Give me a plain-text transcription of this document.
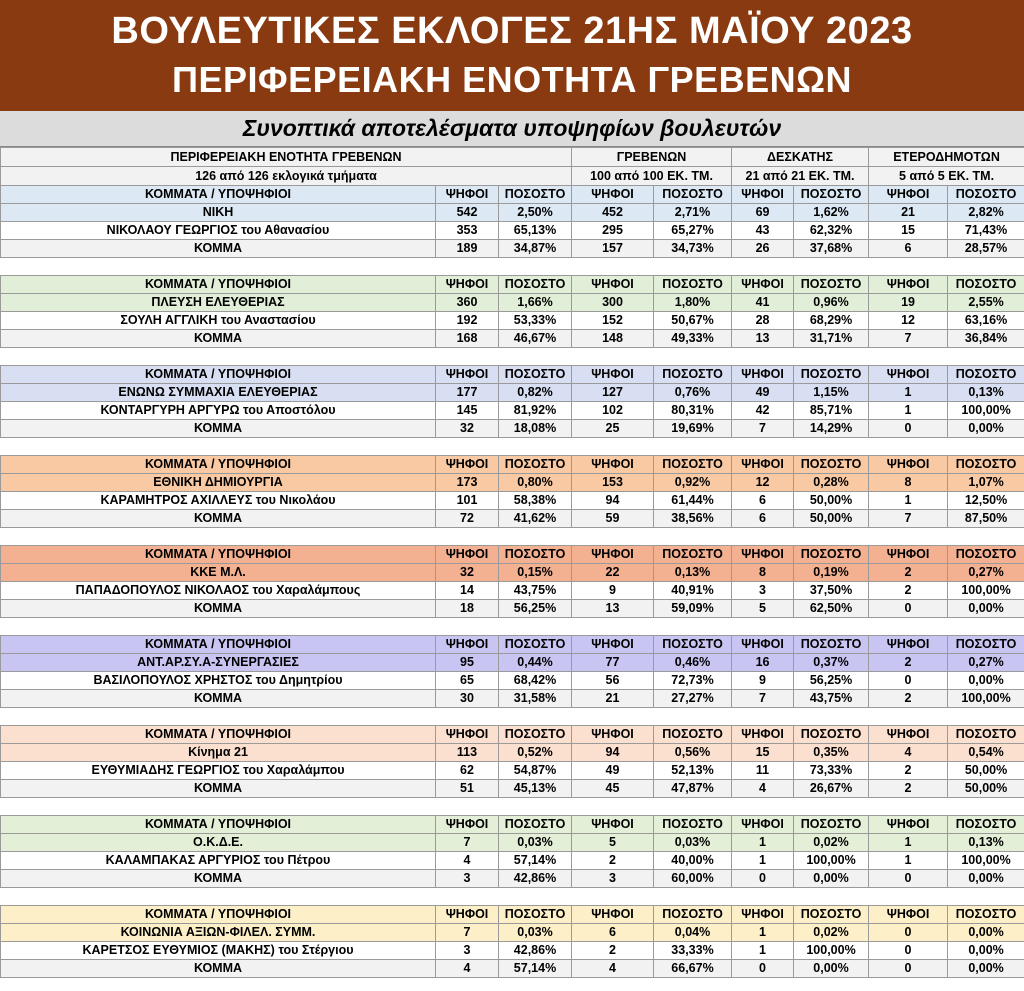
ΒΟΥΛΕΥΤΙΚΕΣ ΕΚΛΟΓΕΣ 21ΗΣ ΜΑΪΟΥ 2023
ΠΕΡΙΦΕΡΕΙΑΚΗ ΕΝΟΤΗΤΑ ΓΡΕΒΕΝΩΝ
Συνοπτικά αποτελέσματα υποψηφίων βουλευτών
ΠΕΡΙΦΕΡΕΙΑΚΗ ΕΝΟΤΗΤΑ ΓΡΕΒΕΝΩΝ			ΓΡΕΒΕΝΩΝ		ΔΕΣΚΑΤΗΣ		ΕΤΕΡΟΔΗΜΟΤΩΝ	
126 από 126 εκλογικά τμήματα			100 από 100 ΕΚ. ΤΜ.		21 από 21 ΕΚ. ΤΜ.		5 από 5 ΕΚ. ΤΜ.	
ΚΟΜΜΑΤΑ / ΥΠΟΨΗΦΙΟΙ	ΨΗΦΟΙ	ΠΟΣΟΣΤΟ	ΨΗΦΟΙ	ΠΟΣΟΣΤΟ	ΨΗΦΟΙ	ΠΟΣΟΣΤΟ	ΨΗΦΟΙ	ΠΟΣΟΣΤΟ
ΝΙΚΗ	542	2,50%	452	2,71%	69	1,62%	21	2,82%
ΝΙΚΟΛΑΟΥ ΓΕΩΡΓΙΟΣ του Αθανασίου	353	65,13%	295	65,27%	43	62,32%	15	71,43%
ΚΟΜΜΑ	189	34,87%	157	34,73%	26	37,68%	6	28,57%

ΚΟΜΜΑΤΑ / ΥΠΟΨΗΦΙΟΙ	ΨΗΦΟΙ	ΠΟΣΟΣΤΟ	ΨΗΦΟΙ	ΠΟΣΟΣΤΟ	ΨΗΦΟΙ	ΠΟΣΟΣΤΟ	ΨΗΦΟΙ	ΠΟΣΟΣΤΟ
ΠΛΕΥΣΗ ΕΛΕΥΘΕΡΙΑΣ	360	1,66%	300	1,80%	41	0,96%	19	2,55%
ΣΟΥΛΗ ΑΓΓΛΙΚΗ του Αναστασίου	192	53,33%	152	50,67%	28	68,29%	12	63,16%
ΚΟΜΜΑ	168	46,67%	148	49,33%	13	31,71%	7	36,84%

ΚΟΜΜΑΤΑ / ΥΠΟΨΗΦΙΟΙ	ΨΗΦΟΙ	ΠΟΣΟΣΤΟ	ΨΗΦΟΙ	ΠΟΣΟΣΤΟ	ΨΗΦΟΙ	ΠΟΣΟΣΤΟ	ΨΗΦΟΙ	ΠΟΣΟΣΤΟ
ΕΝΩΝΩ ΣΥΜΜΑΧΙΑ ΕΛΕΥΘΕΡΙΑΣ	177	0,82%	127	0,76%	49	1,15%	1	0,13%
ΚΟΝΤΑΡΓΥΡΗ ΑΡΓΥΡΩ του Αποστόλου	145	81,92%	102	80,31%	42	85,71%	1	100,00%
ΚΟΜΜΑ	32	18,08%	25	19,69%	7	14,29%	0	0,00%

ΚΟΜΜΑΤΑ / ΥΠΟΨΗΦΙΟΙ	ΨΗΦΟΙ	ΠΟΣΟΣΤΟ	ΨΗΦΟΙ	ΠΟΣΟΣΤΟ	ΨΗΦΟΙ	ΠΟΣΟΣΤΟ	ΨΗΦΟΙ	ΠΟΣΟΣΤΟ
ΕΘΝΙΚΗ ΔΗΜΙΟΥΡΓΙΑ	173	0,80%	153	0,92%	12	0,28%	8	1,07%
ΚΑΡΑΜΗΤΡΟΣ ΑΧΙΛΛΕΥΣ του Νικολάου	101	58,38%	94	61,44%	6	50,00%	1	12,50%
ΚΟΜΜΑ	72	41,62%	59	38,56%	6	50,00%	7	87,50%

ΚΟΜΜΑΤΑ / ΥΠΟΨΗΦΙΟΙ	ΨΗΦΟΙ	ΠΟΣΟΣΤΟ	ΨΗΦΟΙ	ΠΟΣΟΣΤΟ	ΨΗΦΟΙ	ΠΟΣΟΣΤΟ	ΨΗΦΟΙ	ΠΟΣΟΣΤΟ
ΚΚΕ Μ.Λ.	32	0,15%	22	0,13%	8	0,19%	2	0,27%
ΠΑΠΑΔΟΠΟΥΛΟΣ ΝΙΚΟΛΑΟΣ του Χαραλάμπους	14	43,75%	9	40,91%	3	37,50%	2	100,00%
ΚΟΜΜΑ	18	56,25%	13	59,09%	5	62,50%	0	0,00%

ΚΟΜΜΑΤΑ / ΥΠΟΨΗΦΙΟΙ	ΨΗΦΟΙ	ΠΟΣΟΣΤΟ	ΨΗΦΟΙ	ΠΟΣΟΣΤΟ	ΨΗΦΟΙ	ΠΟΣΟΣΤΟ	ΨΗΦΟΙ	ΠΟΣΟΣΤΟ
ΑΝΤ.ΑΡ.ΣΥ.Α-ΣΥΝΕΡΓΑΣΙΕΣ	95	0,44%	77	0,46%	16	0,37%	2	0,27%
ΒΑΣΙΛΟΠΟΥΛΟΣ ΧΡΗΣΤΟΣ του Δημητρίου	65	68,42%	56	72,73%	9	56,25%	0	0,00%
ΚΟΜΜΑ	30	31,58%	21	27,27%	7	43,75%	2	100,00%

ΚΟΜΜΑΤΑ / ΥΠΟΨΗΦΙΟΙ	ΨΗΦΟΙ	ΠΟΣΟΣΤΟ	ΨΗΦΟΙ	ΠΟΣΟΣΤΟ	ΨΗΦΟΙ	ΠΟΣΟΣΤΟ	ΨΗΦΟΙ	ΠΟΣΟΣΤΟ
Κίνημα 21	113	0,52%	94	0,56%	15	0,35%	4	0,54%
ΕΥΘΥΜΙΑΔΗΣ ΓΕΩΡΓΙΟΣ του Χαραλάμπου	62	54,87%	49	52,13%	11	73,33%	2	50,00%
ΚΟΜΜΑ	51	45,13%	45	47,87%	4	26,67%	2	50,00%

ΚΟΜΜΑΤΑ / ΥΠΟΨΗΦΙΟΙ	ΨΗΦΟΙ	ΠΟΣΟΣΤΟ	ΨΗΦΟΙ	ΠΟΣΟΣΤΟ	ΨΗΦΟΙ	ΠΟΣΟΣΤΟ	ΨΗΦΟΙ	ΠΟΣΟΣΤΟ
Ο.Κ.Δ.Ε.	7	0,03%	5	0,03%	1	0,02%	1	0,13%
ΚΑΛΑΜΠΑΚΑΣ ΑΡΓΥΡΙΟΣ του Πέτρου	4	57,14%	2	40,00%	1	100,00%	1	100,00%
ΚΟΜΜΑ	3	42,86%	3	60,00%	0	0,00%	0	0,00%

ΚΟΜΜΑΤΑ / ΥΠΟΨΗΦΙΟΙ	ΨΗΦΟΙ	ΠΟΣΟΣΤΟ	ΨΗΦΟΙ	ΠΟΣΟΣΤΟ	ΨΗΦΟΙ	ΠΟΣΟΣΤΟ	ΨΗΦΟΙ	ΠΟΣΟΣΤΟ
ΚΟΙΝΩΝΙΑ ΑΞΙΩΝ-ΦΙΛΕΛ. ΣΥΜΜ.	7	0,03%	6	0,04%	1	0,02%	0	0,00%
ΚΑΡΕΤΣΟΣ ΕΥΘΥΜΙΟΣ (ΜΑΚΗΣ) του Στέργιου	3	42,86%	2	33,33%	1	100,00%	0	0,00%
ΚΟΜΜΑ	4	57,14%	4	66,67%	0	0,00%	0	0,00%
